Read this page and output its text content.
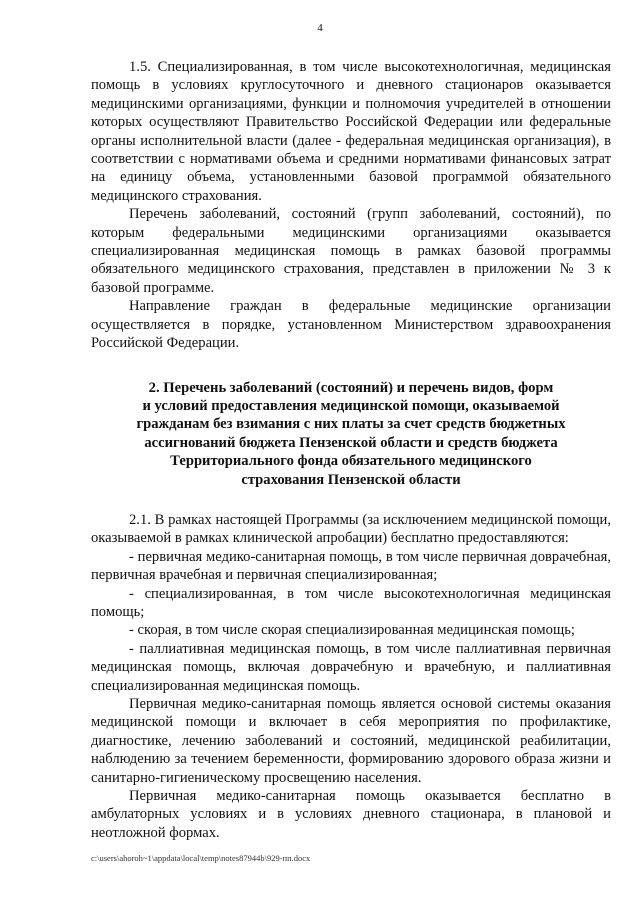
4

1.5. Специализированная, в том числе высокотехнологичная, медицинская помощь в условиях круглосуточного и дневного стационаров оказывается медицинскими организациями, функции и полномочия учредителей в отношении которых осуществляют Правительство Российской Федерации или федеральные органы исполнительной власти (далее - федеральная медицинская организация), в соответствии с нормативами объема и средними нормативами финансовых затрат на единицу объема, установленными базовой программой обязательного медицинского страхования.

Перечень заболеваний, состояний (групп заболеваний, состояний), по которым федеральными медицинскими организациями оказывается специализированная медицинская помощь в рамках базовой программы обязательного медицинского страхования, представлен в приложении № 3 к базовой программе.

Направление граждан в федеральные медицинские организации осуществляется в порядке, установленном Министерством здравоохранения Российской Федерации.

2. Перечень заболеваний (состояний) и перечень видов, форм
и условий предоставления медицинской помощи, оказываемой
гражданам без взимания с них платы за счет средств бюджетных
ассигнований бюджета Пензенской области и средств бюджета
Территориального фонда обязательного медицинского
страхования Пензенской области

2.1. В рамках настоящей Программы (за исключением медицинской помощи, оказываемой в рамках клинической апробации) бесплатно предоставляются:

- первичная медико-санитарная помощь, в том числе первичная доврачебная, первичная врачебная и первичная специализированная;

- специализированная, в том числе высокотехнологичная медицинская помощь;

- скорая, в том числе скорая специализированная медицинская помощь;

- паллиативная медицинская помощь, в том числе паллиативная первичная медицинская помощь, включая доврачебную и врачебную, и паллиативная специализированная медицинская помощь.

Первичная медико-санитарная помощь является основой системы оказания медицинской помощи и включает в себя мероприятия по профилактике, диагностике, лечению заболеваний и состояний, медицинской реабилитации, наблюдению за течением беременности, формированию здорового образа жизни и санитарно-гигиеническому просвещению населения.

Первичная медико-санитарная помощь оказывается бесплатно в амбулаторных условиях и в условиях дневного стационара, в плановой и неотложной формах.

c:\users\ahoroh~1\appdata\local\temp\notes87944b\929-пп.docx
